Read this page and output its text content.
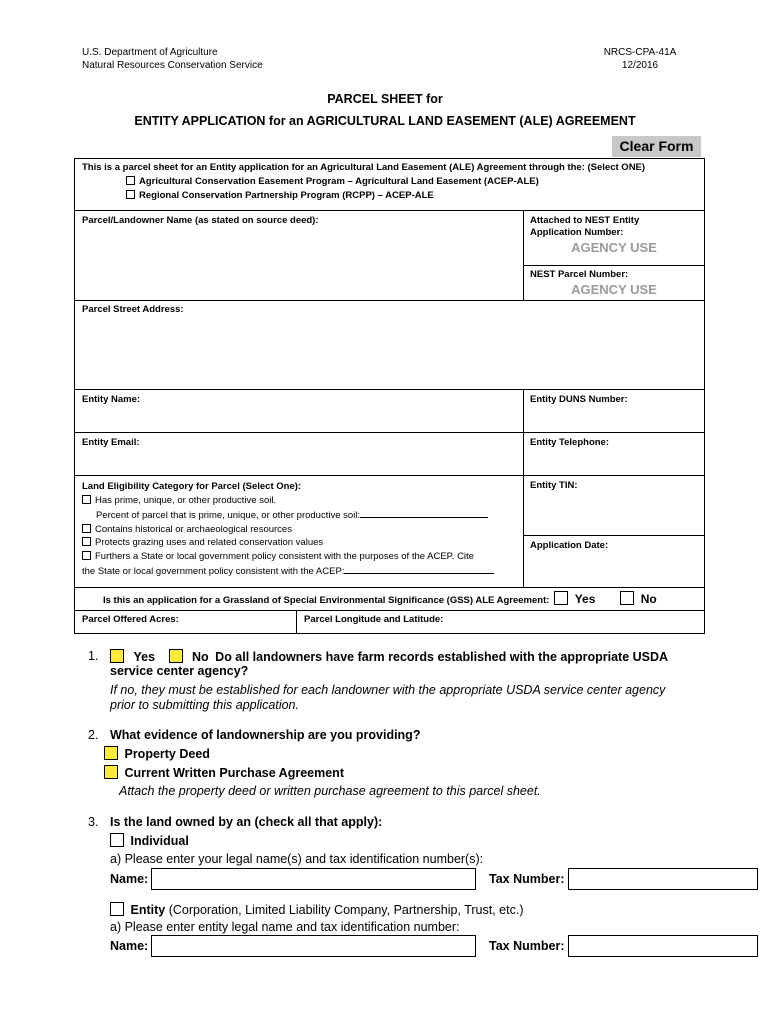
U.S. Department of Agriculture
Natural Resources Conservation Service
NRCS-CPA-41A
12/2016
PARCEL SHEET for
ENTITY APPLICATION for an AGRICULTURAL LAND EASEMENT (ALE) AGREEMENT
Clear Form
This is a parcel sheet for an Entity application for an Agricultural Land Easement (ALE) Agreement through the: (Select ONE)
Agricultural Conservation Easement Program – Agricultural Land Easement (ACEP-ALE)
Regional Conservation Partnership Program (RCPP) – ACEP-ALE
Parcel/Landowner Name (as stated on source deed):	Attached to NEST Entity
Application Number:
AGENCY USE
NEST Parcel Number:
AGENCY USE
Parcel Street Address:
Entity Name:	Entity DUNS Number:
Entity Email:	Entity Telephone:
Land Eligibility Category for Parcel (Select One):
Has prime, unique, or other productive soil.
Percent of parcel that is prime, unique, or other productive soil:
Contains historical or archaeological resources
Protects grazing uses and related conservation values
Furthers a State or local government policy consistent with the purposes of the ACEP. Cite
the State or local government policy consistent with the ACEP:
Entity TIN:
Application Date:
Is this an application for a Grassland of Special Environmental Significance (GSS) ALE Agreement: Yes	No
Parcel Offered Acres:	Parcel Longitude and Latitude:
1.	Yes	No Do all landowners have farm records established with the appropriate USDA
service center agency?
If no, they must be established for each landowner with the appropriate USDA service center agency
prior to submitting this application.
2. What evidence of landownership are you providing?
Property Deed
Current Written Purchase Agreement
Attach the property deed or written purchase agreement to this parcel sheet.
3. Is the land owned by an (check all that apply):
Individual
a) Please enter your legal name(s) and tax identification number(s):
Name:	Tax Number:
Entity (Corporation, Limited Liability Company, Partnership, Trust, etc.)
a) Please enter entity legal name and tax identification number:
Name:	Tax Number:
